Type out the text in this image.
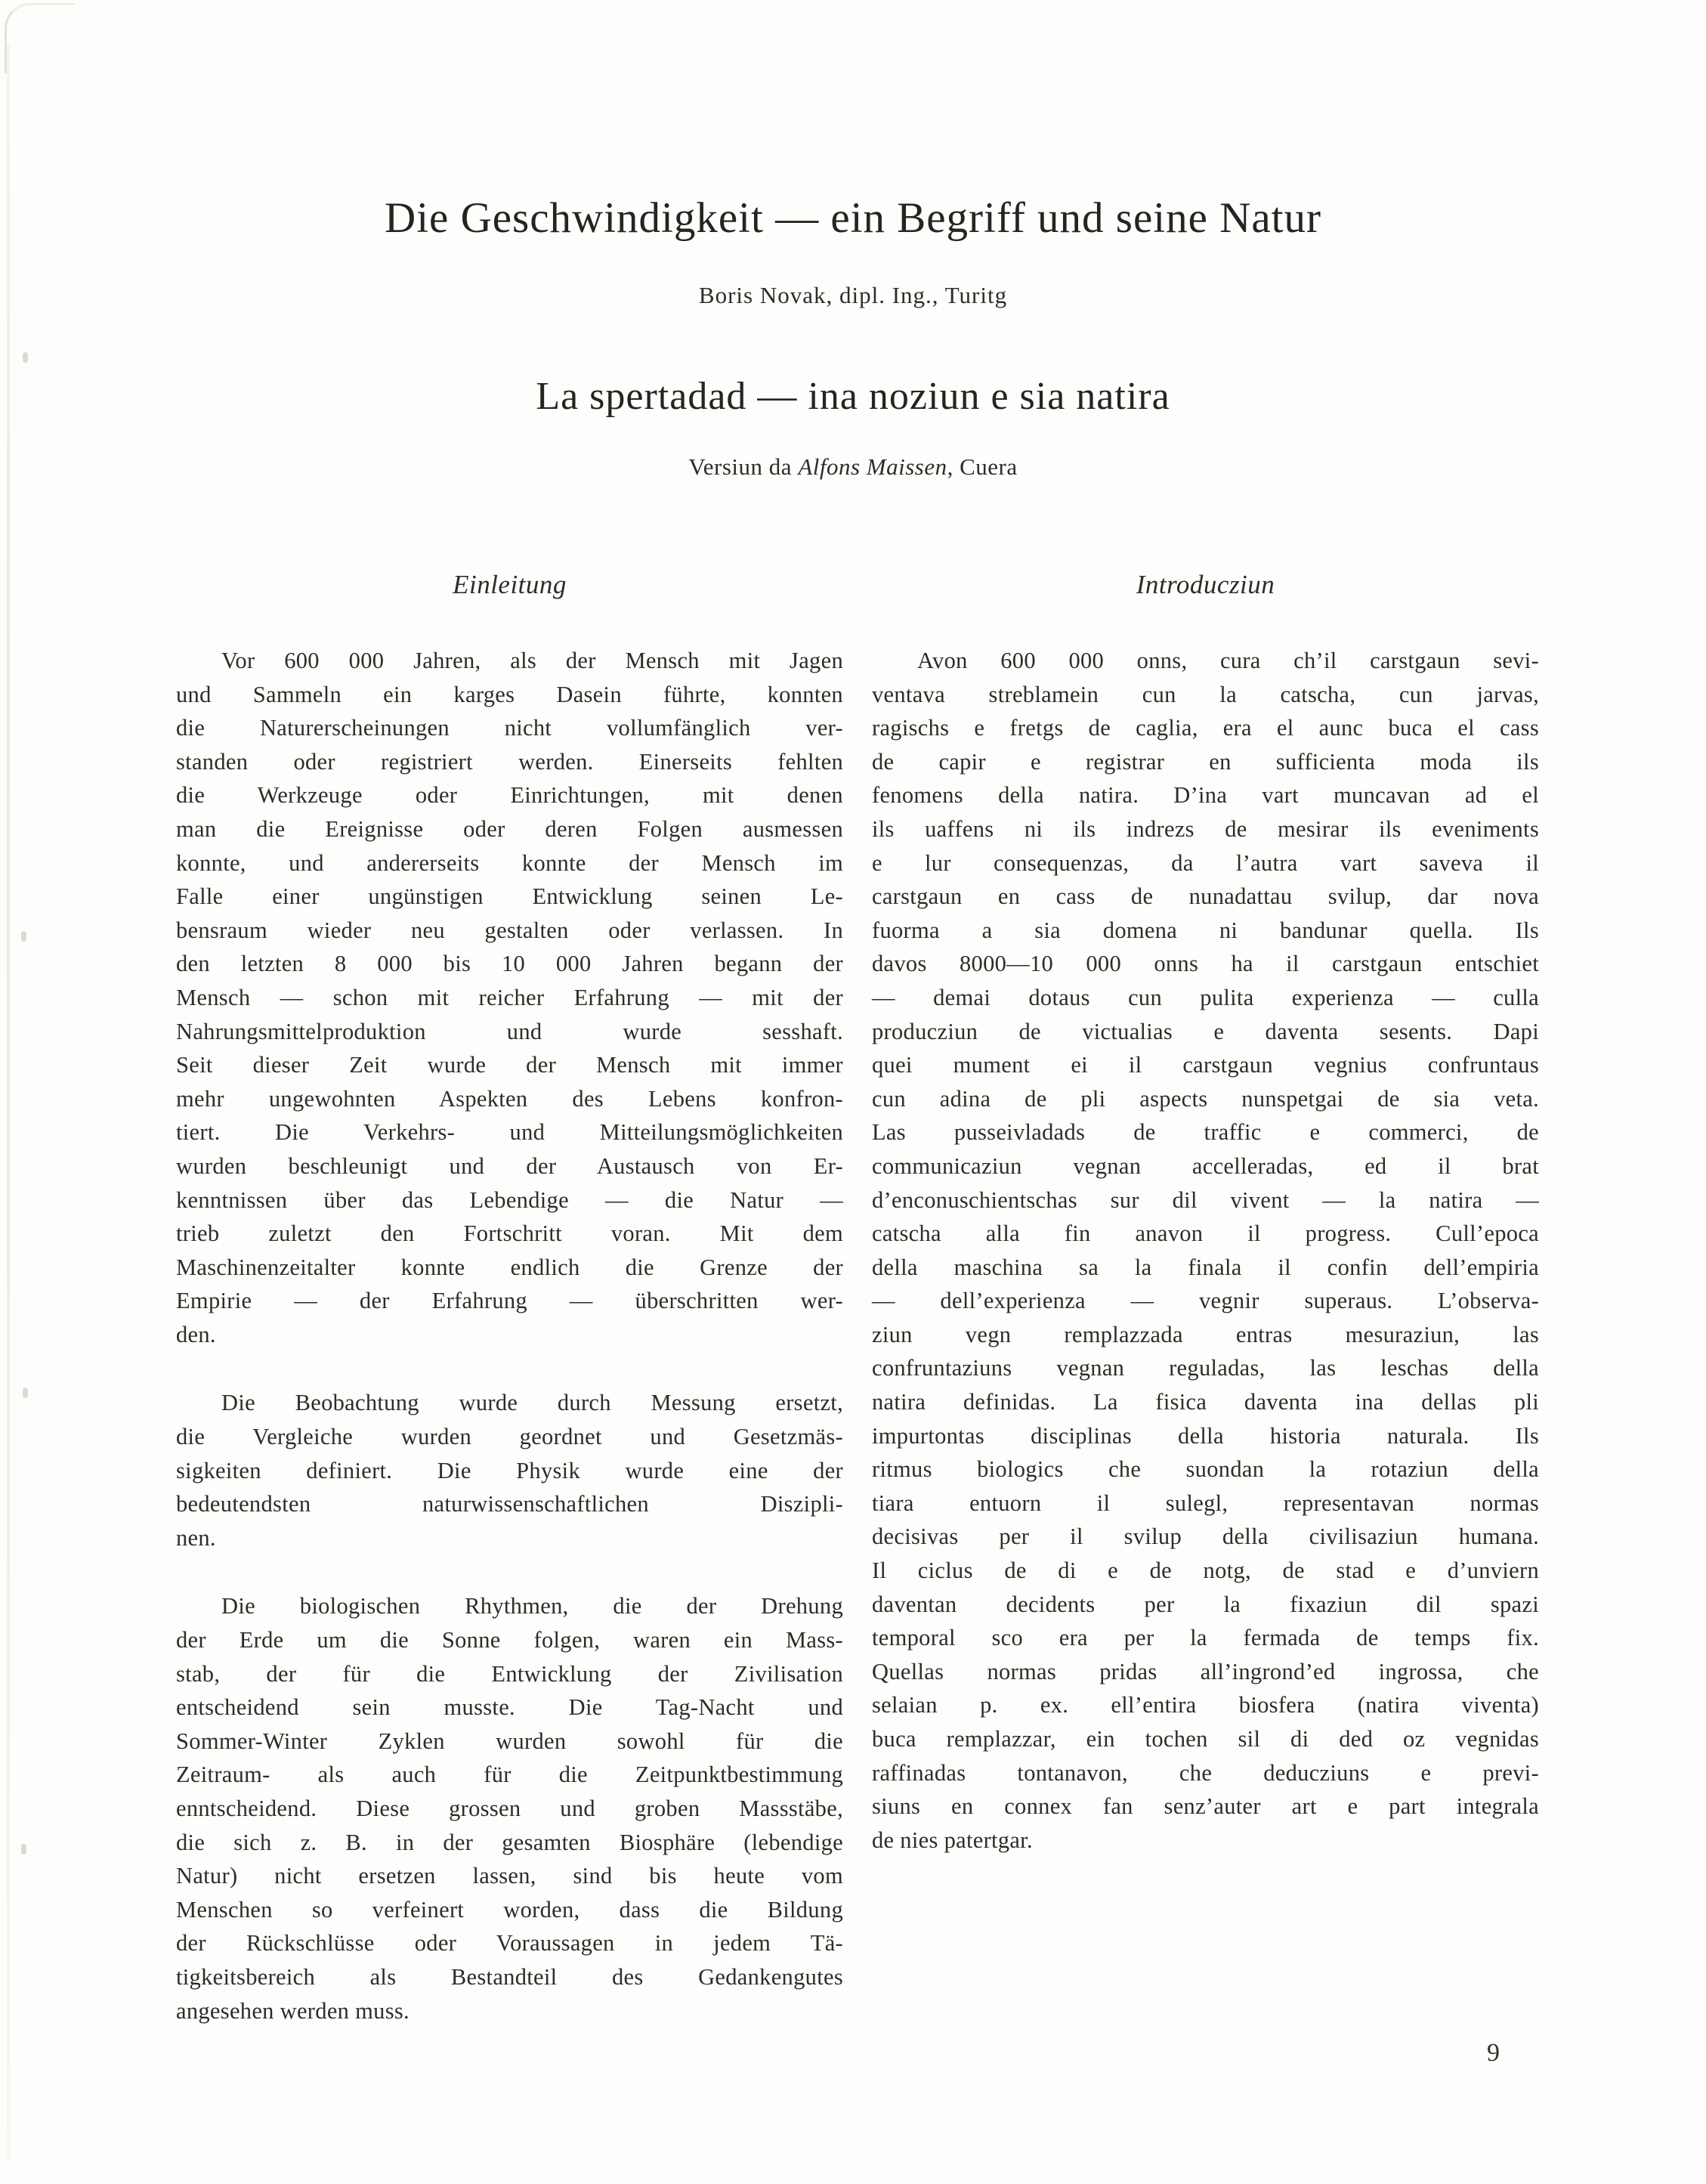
Die Geschwindigkeit — ein Begriff und seine Natur
Boris Novak, dipl. Ing., Turitg
La spertadad — ina noziun e sia natira
Versiun da Alfons Maissen, Cuera
Einleitung
Vor 600 000 Jahren, als der Mensch mit Jagen
und Sammeln ein karges Dasein führte, konnten
die Naturerscheinungen nicht vollumfänglich ver-
standen oder registriert werden. Einerseits fehlten
die Werkzeuge oder Einrichtungen, mit denen
man die Ereignisse oder deren Folgen ausmessen
konnte, und andererseits konnte der Mensch im
Falle einer ungünstigen Entwicklung seinen Le-
bensraum wieder neu gestalten oder verlassen. In
den letzten 8 000 bis 10 000 Jahren begann der
Mensch — schon mit reicher Erfahrung — mit der
Nahrungsmittelproduktion und wurde sesshaft.
Seit dieser Zeit wurde der Mensch mit immer
mehr ungewohnten Aspekten des Lebens konfron-
tiert. Die Verkehrs- und Mitteilungsmöglichkeiten
wurden beschleunigt und der Austausch von Er-
kenntnissen über das Lebendige — die Natur —
trieb zuletzt den Fortschritt voran. Mit dem
Maschinenzeitalter konnte endlich die Grenze der
Empirie — der Erfahrung — überschritten wer-
den.
Die Beobachtung wurde durch Messung ersetzt,
die Vergleiche wurden geordnet und Gesetzmäs-
sigkeiten definiert. Die Physik wurde eine der
bedeutendsten naturwissenschaftlichen Diszipli-
nen.
Die biologischen Rhythmen, die der Drehung
der Erde um die Sonne folgen, waren ein Mass-
stab, der für die Entwicklung der Zivilisation
entscheidend sein musste. Die Tag-Nacht und
Sommer-Winter Zyklen wurden sowohl für die
Zeitraum- als auch für die Zeitpunktbestimmung
enntscheidend. Diese grossen und groben Massstäbe,
die sich z. B. in der gesamten Biosphäre (lebendige
Natur) nicht ersetzen lassen, sind bis heute vom
Menschen so verfeinert worden, dass die Bildung
der Rückschlüsse oder Voraussagen in jedem Tä-
tigkeitsbereich als Bestandteil des Gedankengutes
angesehen werden muss.
Introducziun
Avon 600 000 onns, cura ch’il carstgaun sevi-
ventava streblamein cun la catscha, cun jarvas,
ragischs e fretgs de caglia, era el aunc buca el cass
de capir e registrar en sufficienta moda ils
fenomens della natira. D’ina vart muncavan ad el
ils uaffens ni ils indrezs de mesirar ils eveniments
e lur consequenzas, da l’autra vart saveva il
carstgaun en cass de nunadattau svilup, dar nova
fuorma a sia domena ni bandunar quella. Ils
davos 8000—10 000 onns ha il carstgaun entschiet
— demai dotaus cun pulita experienza — culla
producziun de victualias e daventa sesents. Dapi
quei mument ei il carstgaun vegnius confruntaus
cun adina de pli aspects nunspetgai de sia veta.
Las pusseivladads de traffic e commerci, de
communicaziun vegnan accelleradas, ed il brat
d’enconuschientschas sur dil vivent — la natira —
catscha alla fin anavon il progress. Cull’epoca
della maschina sa la finala il confin dell’empiria
— dell’experienza — vegnir superaus. L’observa-
ziun vegn remplazzada entras mesuraziun, las
confruntaziuns vegnan reguladas, las leschas della
natira definidas. La fisica daventa ina dellas pli
impurtontas disciplinas della historia naturala. Ils
ritmus biologics che suondan la rotaziun della
tiara entuorn il sulegl, representavan normas
decisivas per il svilup della civilisaziun humana.
Il ciclus de di e de notg, de stad e d’unviern
daventan decidents per la fixaziun dil spazi
temporal sco era per la fermada de temps fix.
Quellas normas pridas all’ingrond’ed ingrossa, che
selaian p. ex. ell’entira biosfera (natira viventa)
buca remplazzar, ein tochen sil di ded oz vegnidas
raffinadas tontanavon, che deducziuns e previ-
siuns en connex fan senz’auter art e part integrala
de nies patertgar.
9
